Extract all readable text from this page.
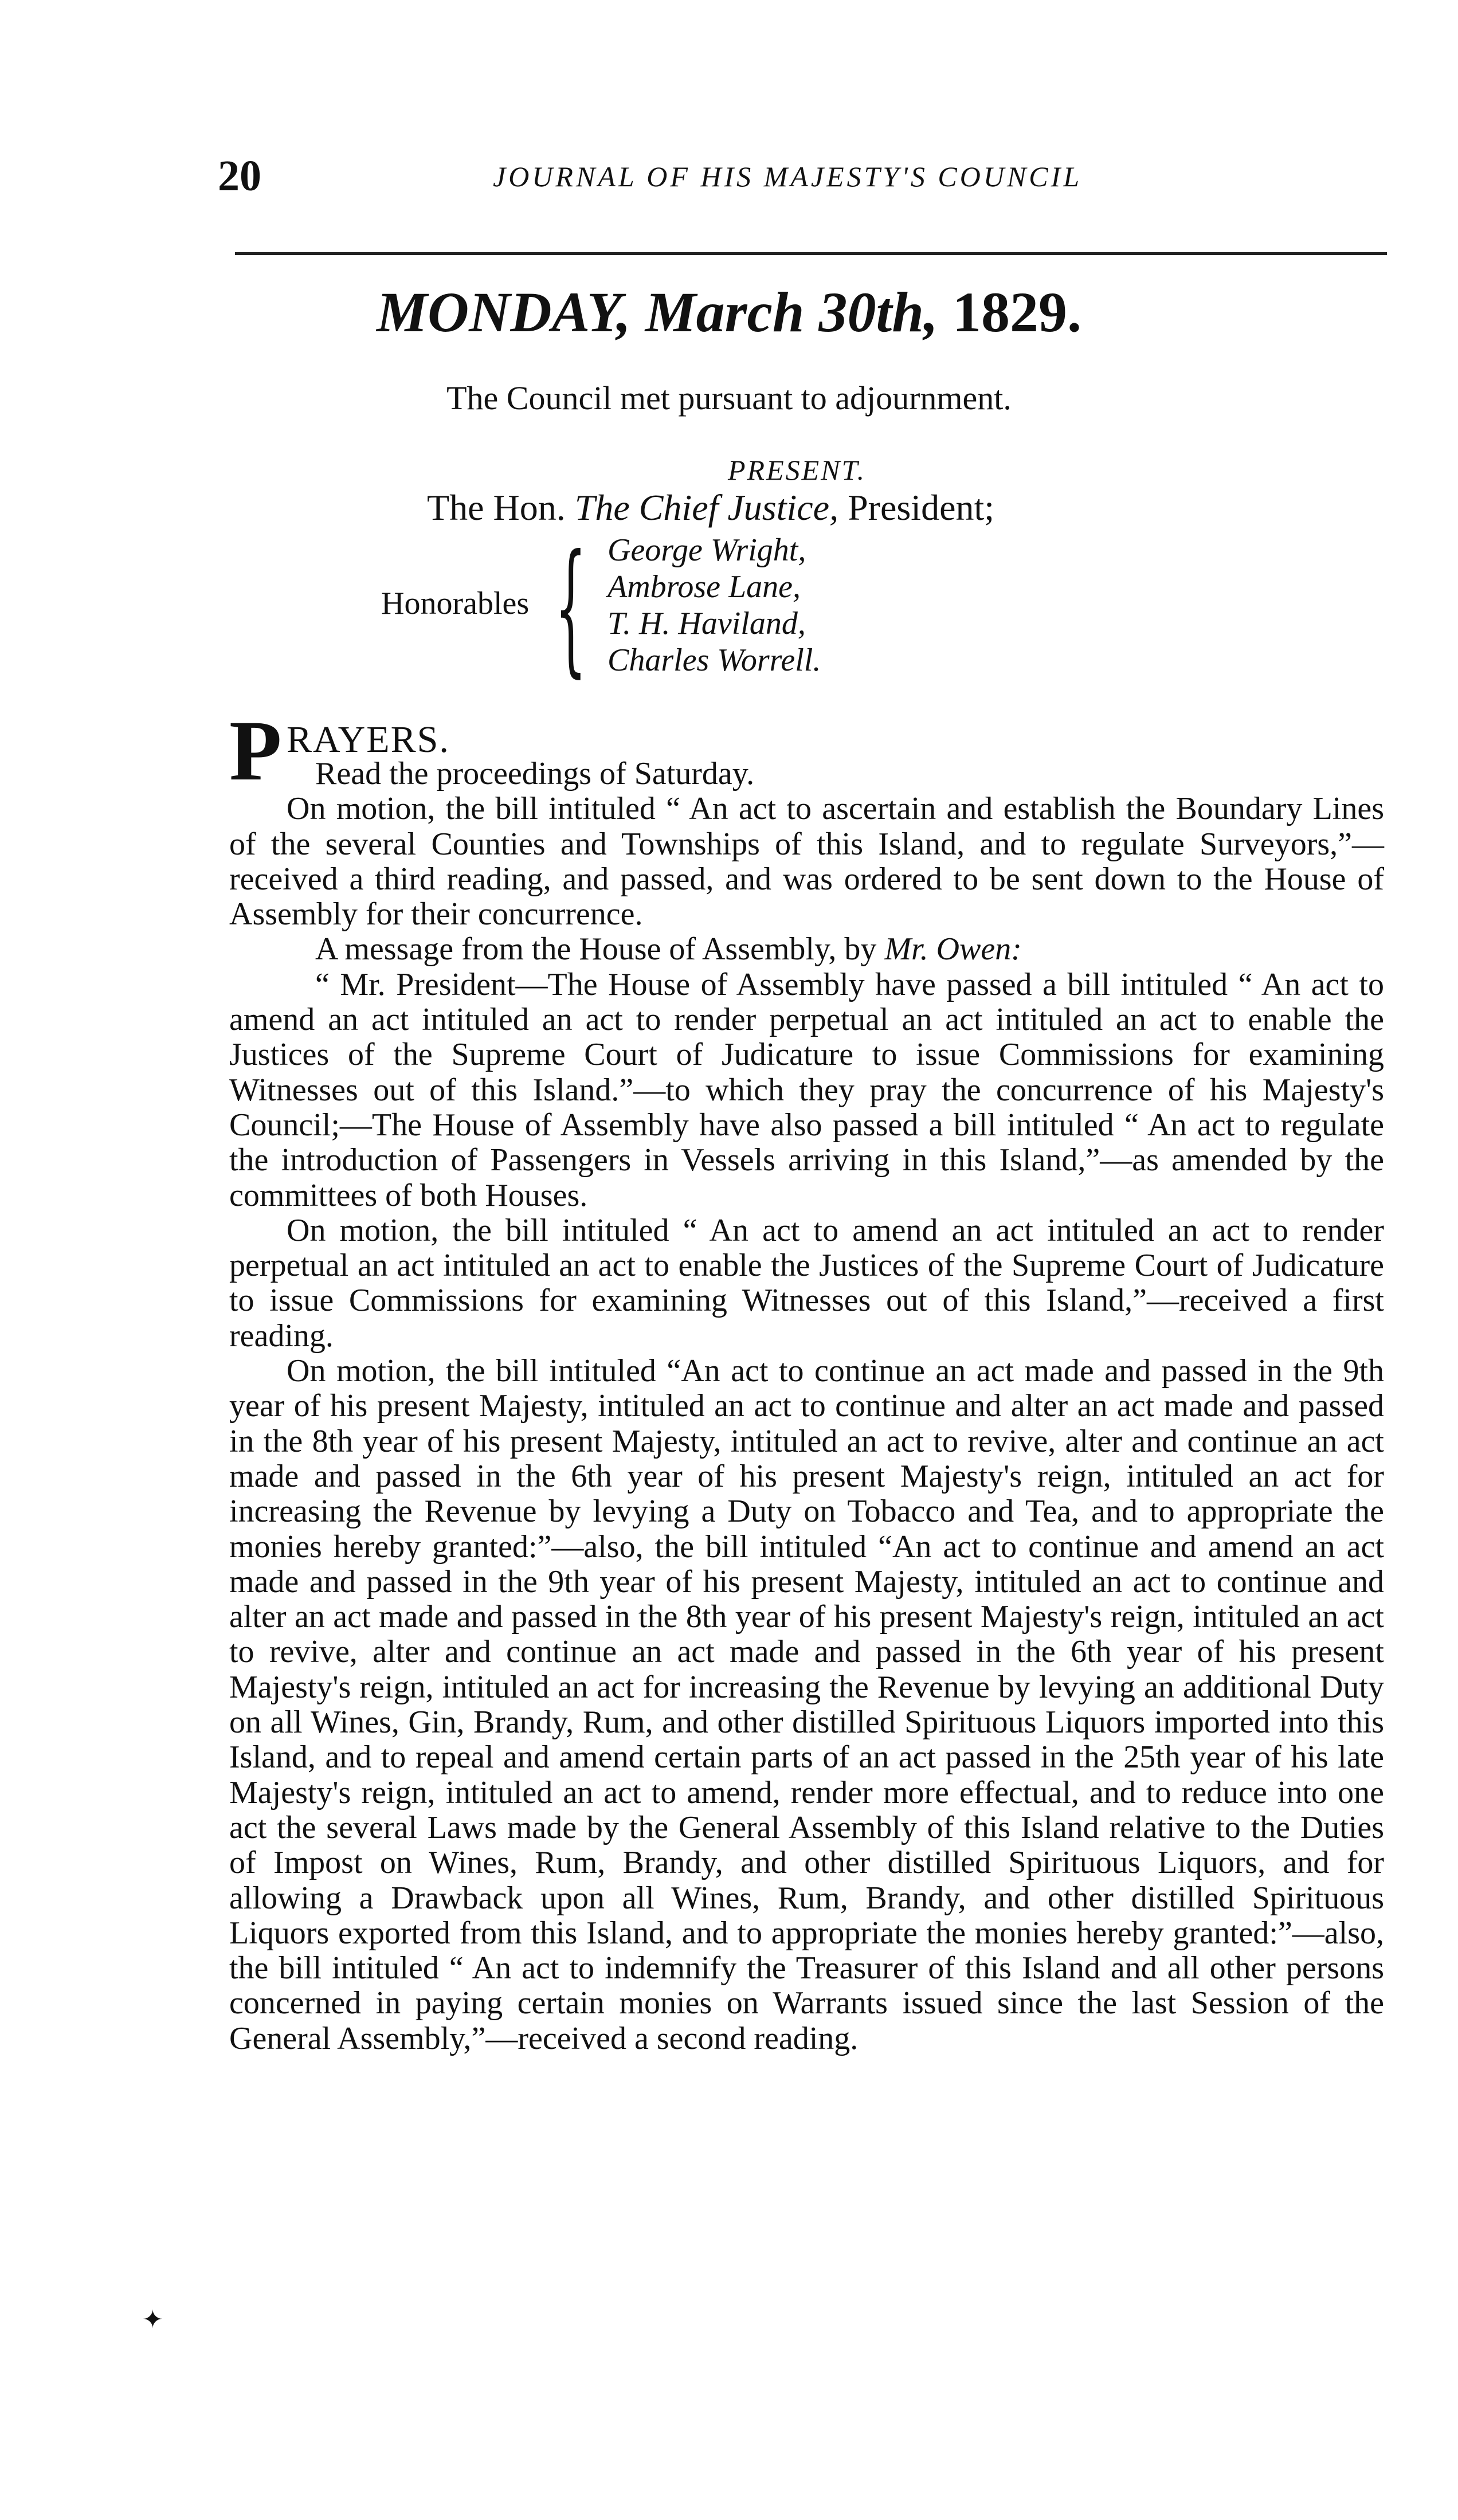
20	JOURNAL OF HIS MAJESTY'S COUNCIL
MONDAY, March 30th, 1829.
The Council met pursuant to adjournment.
PRESENT.
The Hon. The Chief Justice, President;
Honorables { George Wright,
Ambrose Lane,
T. H. Haviland,
Charles Worrell.
P RAYERS.

Read the proceedings of Saturday.

On motion, the bill intituled “ An act to ascertain and establish the Boundary Lines of the several Counties and Townships of this Island, and to regulate Surveyors,”—received a third reading, and passed, and was ordered to be sent down to the House of Assembly for their concurrence.

A message from the House of Assembly, by Mr. Owen:

“ Mr. President—The House of Assembly have passed a bill intituled “ An act to amend an act intituled an act to render perpetual an act intituled an act to enable the Justices of the Supreme Court of Judicature to issue Commissions for examining Witnesses out of this Island.”—to which they pray the concurrence of his Majesty's Council;—The House of Assembly have also passed a bill intituled “ An act to regulate the introduction of Passengers in Vessels arriving in this Island,”—as amended by the committees of both Houses.

On motion, the bill intituled “ An act to amend an act intituled an act to render perpetual an act intituled an act to enable the Justices of the Supreme Court of Judicature to issue Commissions for examining Witnesses out of this Island,”—received a first reading.

On motion, the bill intituled “An act to continue an act made and passed in the 9th year of his present Majesty, intituled an act to continue and alter an act made and passed in the 8th year of his present Majesty, intituled an act to revive, alter and continue an act made and passed in the 6th year of his present Majesty's reign, intituled an act for increasing the Revenue by levying a Duty on Tobacco and Tea, and to appropriate the monies hereby granted:”—also, the bill intituled “An act to continue and amend an act made and passed in the 9th year of his present Majesty, intituled an act to continue and alter an act made and passed in the 8th year of his present Majesty's reign, intituled an act to revive, alter and continue an act made and passed in the 6th year of his present Majesty's reign, intituled an act for increasing the Revenue by levying an additional Duty on all Wines, Gin, Brandy, Rum, and other distilled Spirituous Liquors imported into this Island, and to repeal and amend certain parts of an act passed in the 25th year of his late Majesty's reign, intituled an act to amend, render more effectual, and to reduce into one act the several Laws made by the General Assembly of this Island relative to the Duties of Impost on Wines, Rum, Brandy, and other distilled Spirituous Liquors, and for allowing a Drawback upon all Wines, Rum, Brandy, and other distilled Spirituous Liquors exported from this Island, and to appropriate the monies hereby granted:”—also, the bill intituled “ An act to indemnify the Treasurer of this Island and all other persons concerned in paying certain monies on Warrants issued since the last Session of the General Assembly,”—received a second reading.

✦
